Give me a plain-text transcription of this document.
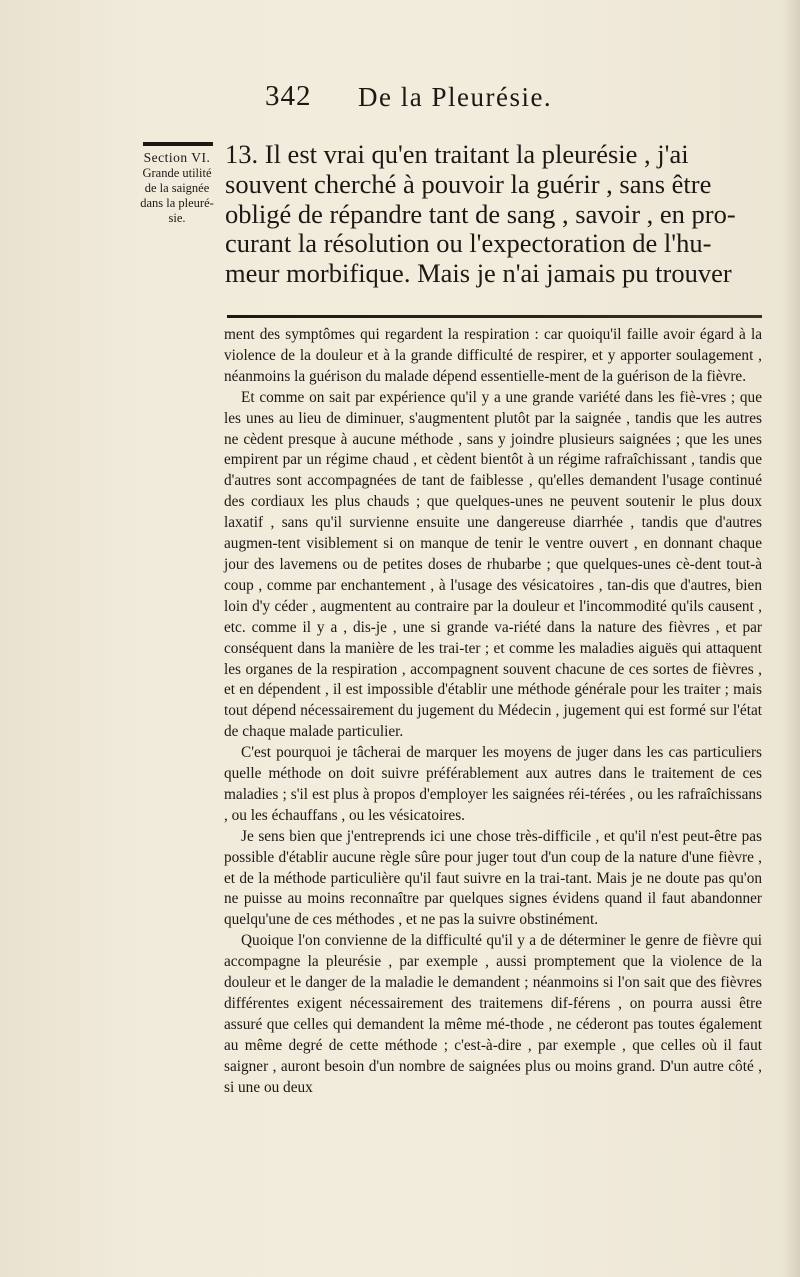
342 De la Pleurésie.
Section VI.
Grande utilité
de la saignée
dans la pleuré-
sie.
13. Il est vrai qu'en traitant la pleurésie , j'ai
souvent cherché à pouvoir la guérir , sans être
obligé de répandre tant de sang , savoir , en pro-
curant la résolution ou l'expectoration de l'hu-
meur morbifique. Mais je n'ai jamais pu trouver

ment des symptômes qui regardent la respiration : car quoiqu'il faille avoir égard à la violence de la douleur et à la grande difficulté de respirer, et y apporter soulagement , néanmoins la guérison du malade dépend essentielle-ment de la guérison de la fièvre.

Et comme on sait par expérience qu'il y a une grande variété dans les fiè-vres ; que les unes au lieu de diminuer, s'augmentent plutôt par la saignée , tandis que les autres ne cèdent presque à aucune méthode , sans y joindre plusieurs saignées ; que les unes empirent par un régime chaud , et cèdent bientôt à un régime rafraîchissant , tandis que d'autres sont accompagnées de tant de faiblesse , qu'elles demandent l'usage continué des cordiaux les plus chauds ; que quelques-unes ne peuvent soutenir le plus doux laxatif , sans qu'il survienne ensuite une dangereuse diarrhée , tandis que d'autres augmen-tent visiblement si on manque de tenir le ventre ouvert , en donnant chaque jour des lavemens ou de petites doses de rhubarbe ; que quelques-unes cè-dent tout-à coup , comme par enchantement , à l'usage des vésicatoires , tan-dis que d'autres, bien loin d'y céder , augmentent au contraire par la douleur et l'incommodité qu'ils causent , etc. comme il y a , dis-je , une si grande va-riété dans la nature des fièvres , et par conséquent dans la manière de les trai-ter ; et comme les maladies aiguës qui attaquent les organes de la respiration , accompagnent souvent chacune de ces sortes de fièvres , et en dépendent , il est impossible d'établir une méthode générale pour les traiter ; mais tout dépend nécessairement du jugement du Médecin , jugement qui est formé sur l'état de chaque malade particulier.

C'est pourquoi je tâcherai de marquer les moyens de juger dans les cas particuliers quelle méthode on doit suivre préférablement aux autres dans le traitement de ces maladies ; s'il est plus à propos d'employer les saignées réi-térées , ou les rafraîchissans , ou les échauffans , ou les vésicatoires.

Je sens bien que j'entreprends ici une chose très-difficile , et qu'il n'est peut-être pas possible d'établir aucune règle sûre pour juger tout d'un coup de la nature d'une fièvre , et de la méthode particulière qu'il faut suivre en la trai-tant. Mais je ne doute pas qu'on ne puisse au moins reconnaître par quelques signes évidens quand il faut abandonner quelqu'une de ces méthodes , et ne pas la suivre obstinément.

Quoique l'on convienne de la difficulté qu'il y a de déterminer le genre de fièvre qui accompagne la pleurésie , par exemple , aussi promptement que la violence de la douleur et le danger de la maladie le demandent ; néanmoins si l'on sait que des fièvres différentes exigent nécessairement des traitemens dif-férens , on pourra aussi être assuré que celles qui demandent la même mé-thode , ne céderont pas toutes également au même degré de cette méthode ; c'est-à-dire , par exemple , que celles où il faut saigner , auront besoin d'un nombre de saignées plus ou moins grand. D'un autre côté , si une ou deux
